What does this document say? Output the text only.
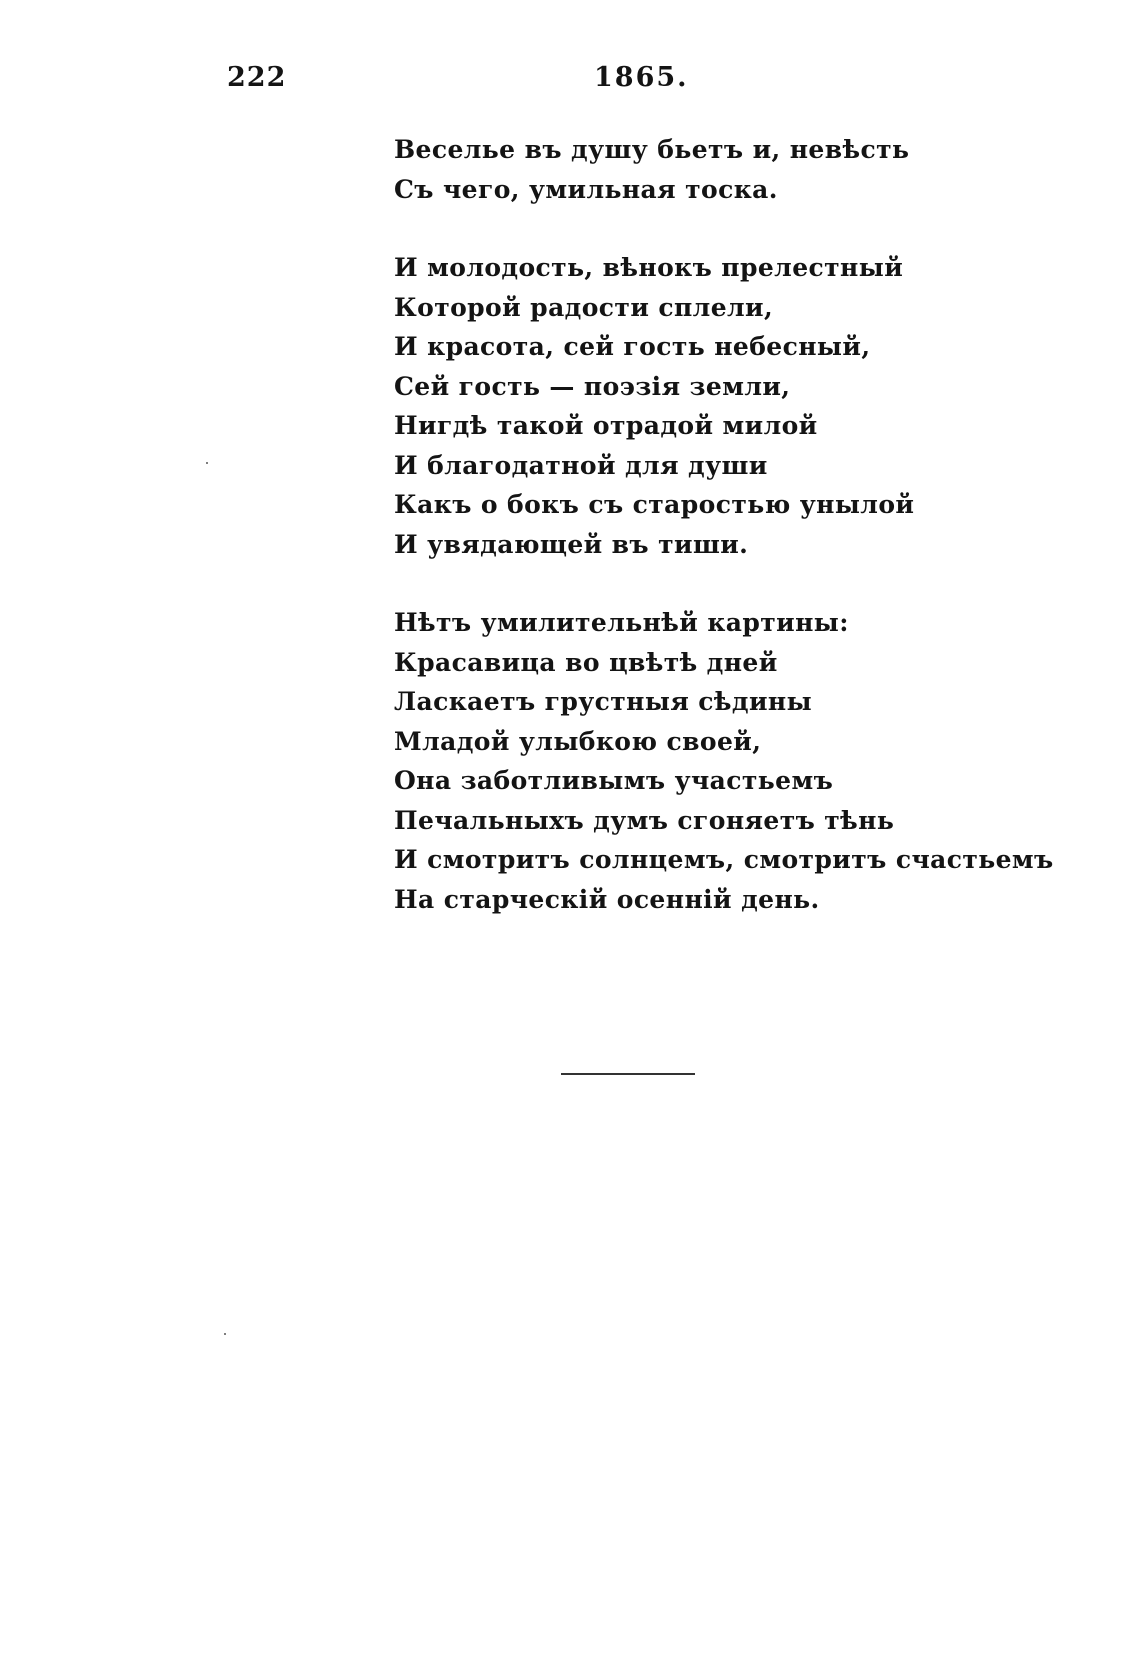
222	1865.
Веселье въ душу бьетъ и, невѣсть
Съ чего, умильная тоска.
И молодость, вѣнокъ прелестный
Которой радости сплели,
И красота, сей гость небесный,
Сей гость — поэзія земли,
Нигдѣ такой отрадой милой
И благодатной для души
Какъ о бокъ съ старостью унылой
И увядающей въ тиши.
Нѣтъ умилительнѣй картины:
Красавица во цвѣтѣ дней
Ласкаетъ грустныя сѣдины
Младой улыбкою своей,
Она заботливымъ участьемъ
Печальныхъ думъ сгоняетъ тѣнь
И смотритъ солнцемъ, смотритъ счастьемъ
На старческій осенній день.
